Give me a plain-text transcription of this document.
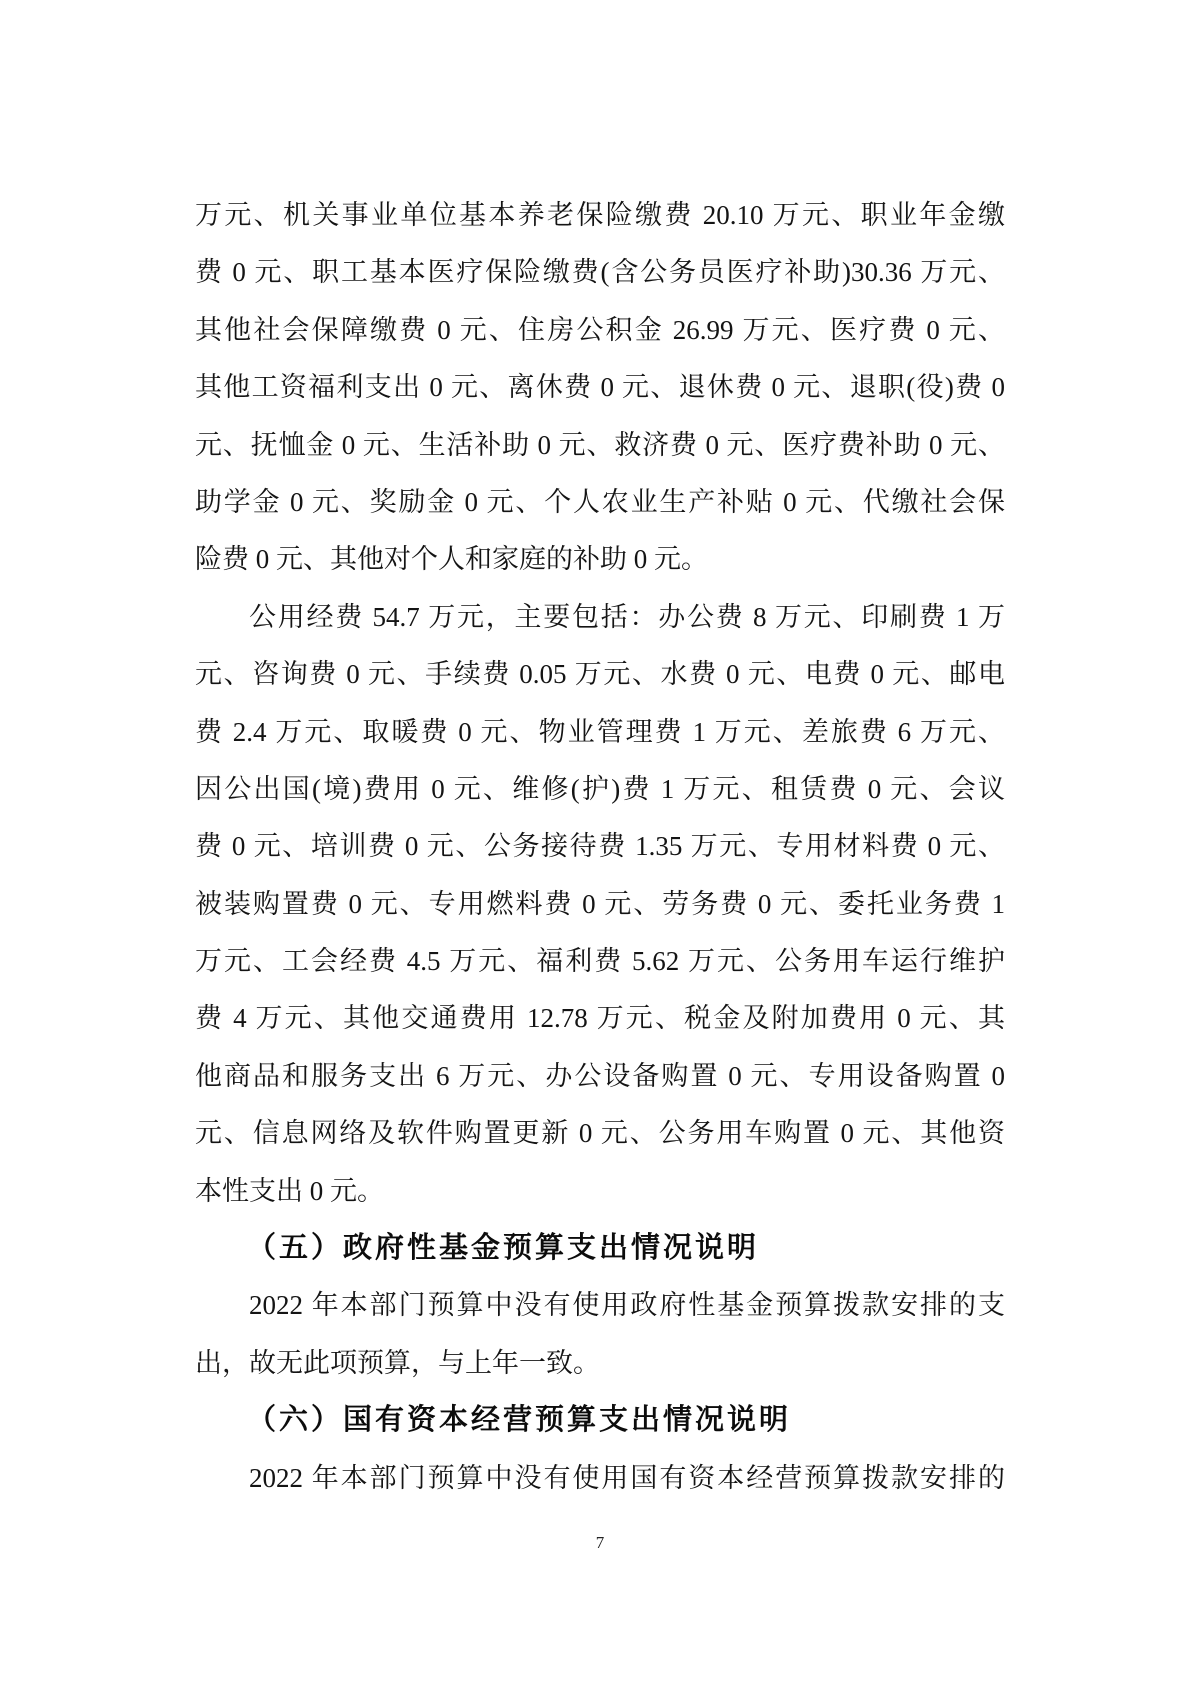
万元、机关事业单位基本养老保险缴费 20.10 万元、职业年金缴
费 0 元、职工基本医疗保险缴费(含公务员医疗补助)30.36 万元、
其他社会保障缴费 0 元、住房公积金 26.99 万元、医疗费 0 元、
其他工资福利支出 0 元、离休费 0 元、退休费 0 元、退职(役)费 0
元、抚恤金 0 元、生活补助 0 元、救济费 0 元、医疗费补助 0 元、
助学金 0 元、奖励金 0 元、个人农业生产补贴 0 元、代缴社会保
险费 0 元、其他对个人和家庭的补助 0 元。
公用经费 54.7 万元，主要包括：办公费 8 万元、印刷费 1 万
元、咨询费 0 元、手续费 0.05 万元、水费 0 元、电费 0 元、邮电
费 2.4 万元、取暖费 0 元、物业管理费 1 万元、差旅费 6 万元、
因公出国(境)费用 0 元、维修(护)费 1 万元、租赁费 0 元、会议
费 0 元、培训费 0 元、公务接待费 1.35 万元、专用材料费 0 元、
被装购置费 0 元、专用燃料费 0 元、劳务费 0 元、委托业务费 1
万元、工会经费 4.5 万元、福利费 5.62 万元、公务用车运行维护
费 4 万元、其他交通费用 12.78 万元、税金及附加费用 0 元、其
他商品和服务支出 6 万元、办公设备购置 0 元、专用设备购置 0
元、信息网络及软件购置更新 0 元、公务用车购置 0 元、其他资
本性支出 0 元。
（五）政府性基金预算支出情况说明
2022 年本部门预算中没有使用政府性基金预算拨款安排的支
出，故无此项预算，与上年一致。
（六）国有资本经营预算支出情况说明
2022 年本部门预算中没有使用国有资本经营预算拨款安排的
7
